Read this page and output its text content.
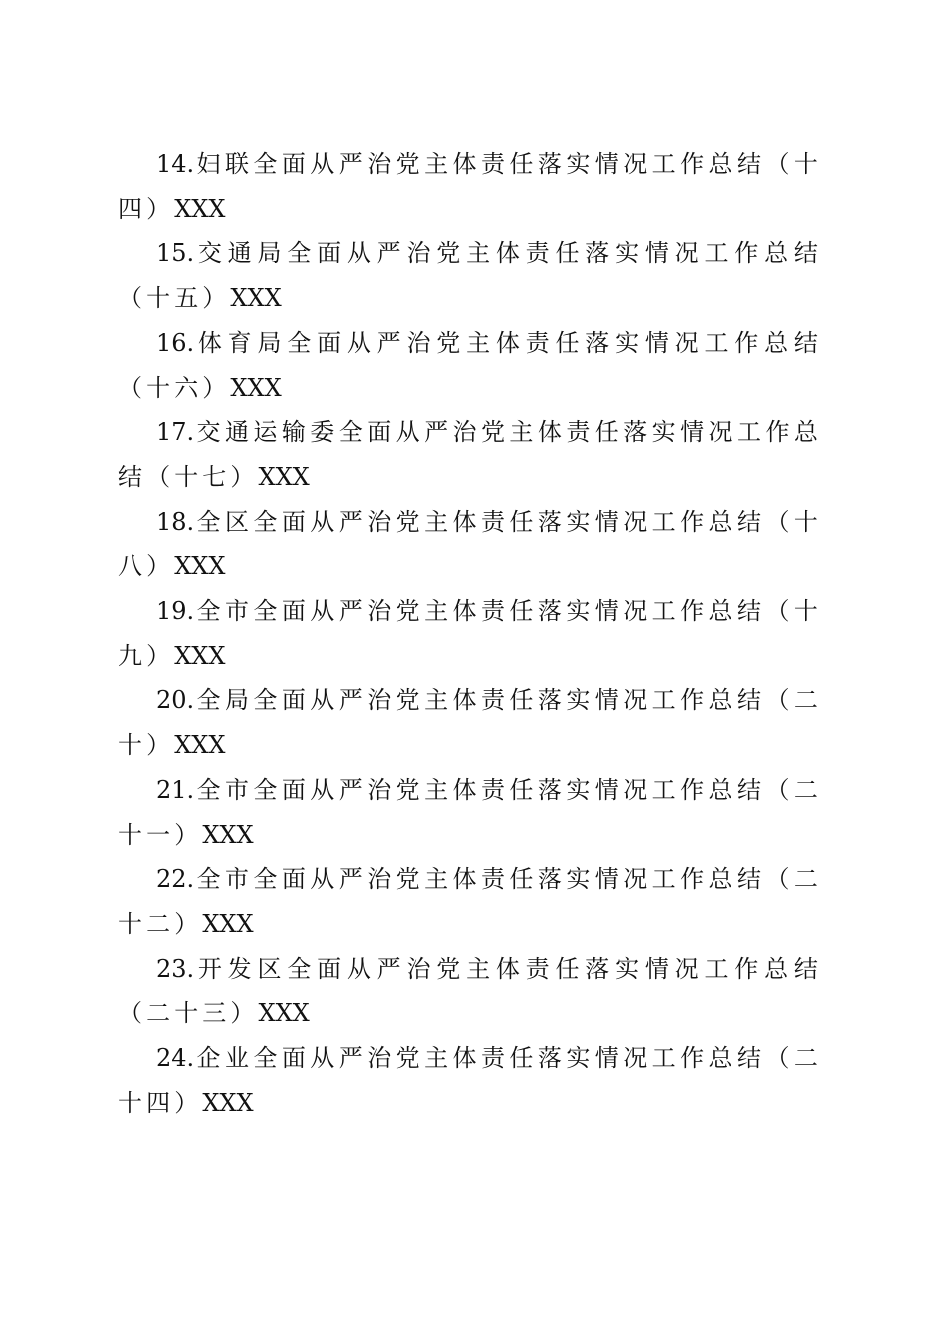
14.妇联全面从严治党主体责任落实情况工作总结（十四）XXX

15.交通局全面从严治党主体责任落实情况工作总结（十五）XXX

16.体育局全面从严治党主体责任落实情况工作总结（十六）XXX

17.交通运输委全面从严治党主体责任落实情况工作总结（十七）XXX

18.全区全面从严治党主体责任落实情况工作总结（十八）XXX

19.全市全面从严治党主体责任落实情况工作总结（十九）XXX

20.全局全面从严治党主体责任落实情况工作总结（二十）XXX

21.全市全面从严治党主体责任落实情况工作总结（二十一）XXX

22.全市全面从严治党主体责任落实情况工作总结（二十二）XXX

23.开发区全面从严治党主体责任落实情况工作总结（二十三）XXX

24.企业全面从严治党主体责任落实情况工作总结（二十四）XXX
